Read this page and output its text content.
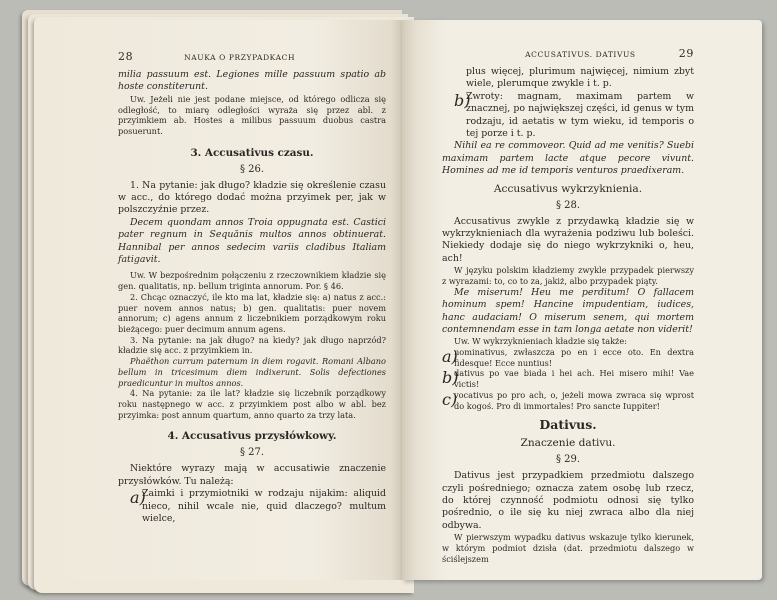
28	NAUKA O PRZYPADKACH

milia passuum est. Legiones mille passuum spatio ab hoste constiterunt.

Uw. Jeżeli nie jest podane miejsce, od którego odlicza się odległość, to miarę odległości wyraża się przez abl. z przyimkiem ab. Hostes a milibus passuum duobus castra posuerunt.

3. Accusativus czasu.
§ 26.

1. Na pytanie: jak długo? kładzie się określenie czasu w acc., do którego dodać można przyimek per, jak w polszczyźnie przez.

Decem quondam annos Troia oppugnata est. Castici pater regnum in Sequănis multos annos obtinuerat. Hannibal per annos sedecim variis cladibus Italiam fatigavit.

Uw. W bezpośrednim połączeniu z rzeczownikiem kładzie się gen. qualitatis, np. bellum triginta annorum. Por. § 46.

2. Chcąc oznaczyć, ile kto ma lat, kładzie się: a) natus z acc.: puer novem annos natus; b) gen. qualitatis: puer novem annorum; c) agens annum z liczebnikiem porządkowym roku bieżącego: puer decimum annum agens.

3. Na pytanie: na jak długo? na kiedy? jak długo naprzód? kładzie się acc. z przyimkiem in.

Phaëthon currum paternum in diem rogavit. Romani Albano bellum in tricesimum diem indixerunt. Solis defectiones praedicuntur in multos annos.

4. Na pytanie: za ile lat? kładzie się liczebnik porządkowy roku następnego w acc. z przyimkiem post albo w abl. bez przyimka: post annum quartum, anno quarto za trzy lata.

4. Accusativus przysłówkowy.
§ 27.

Niektóre wyrazy mają w accusatiwie znaczenie przysłówków. Tu należą:

a)

Zaimki i przymiotniki w rodzaju nijakim: aliquid nieco, nihil wcale nie, quid dlaczego? multum wielce,

ACCUSATIVUS. DATIVUS	29

plus więcej, plurimum najwięcej, nimium zbyt wiele, plerumque zwykle i t. p.

b)

Zwroty: magnam, maximam partem w znacznej, po największej części, id genus w tym rodzaju, id aetatis w tym wieku, id temporis o tej porze i t. p.

Nihil ea re commoveor. Quid ad me venitis? Suebi maximam partem lacte atque pecore vivunt. Homines ad me id temporis venturos praedixeram.

Accusativus wykrzyknienia.
§ 28.

Accusativus zwykle z przydawką kładzie się w wykrzyknieniach dla wyrażenia podziwu lub boleści. Niekiedy dodaje się do niego wykrzykniki o, heu, ach!

W języku polskim kładziemy zwykle przypadek pierwszy z wyrazami: to, co to za, jakiż, albo przypadek piąty.

Me miserum! Heu me perditum! O fallacem hominum spem! Hancine impudentiam, iudices, hanc audaciam! O miserum senem, qui mortem contemnendam esse in tam longa aetate non viderit!

Uw. W wykrzyknieniach kładzie się także:

a)

nominativus, zwłaszcza po en i ecce oto. En dextra fidesque! Ecce nuntius!

b)

dativus po vae biada i hei ach. Hei misero mihi! Vae victis!

c)

vocativus po pro ach, o, jeżeli mowa zwraca się wprost do kogoś. Pro di immortales! Pro sancte Iuppiter!

Dativus.
Znaczenie dativu.
§ 29.

Dativus jest przypadkiem przedmiotu dalszego czyli pośredniego; oznacza zatem osobę lub rzecz, do której czynność podmiotu odnosi się tylko pośrednio, o ile się ku niej zwraca albo dla niej odbywa.

W pierwszym wypadku dativus wskazuje tylko kierunek, w którym podmiot dzisła (dat. przedmiotu dalszego w ściślejszem
